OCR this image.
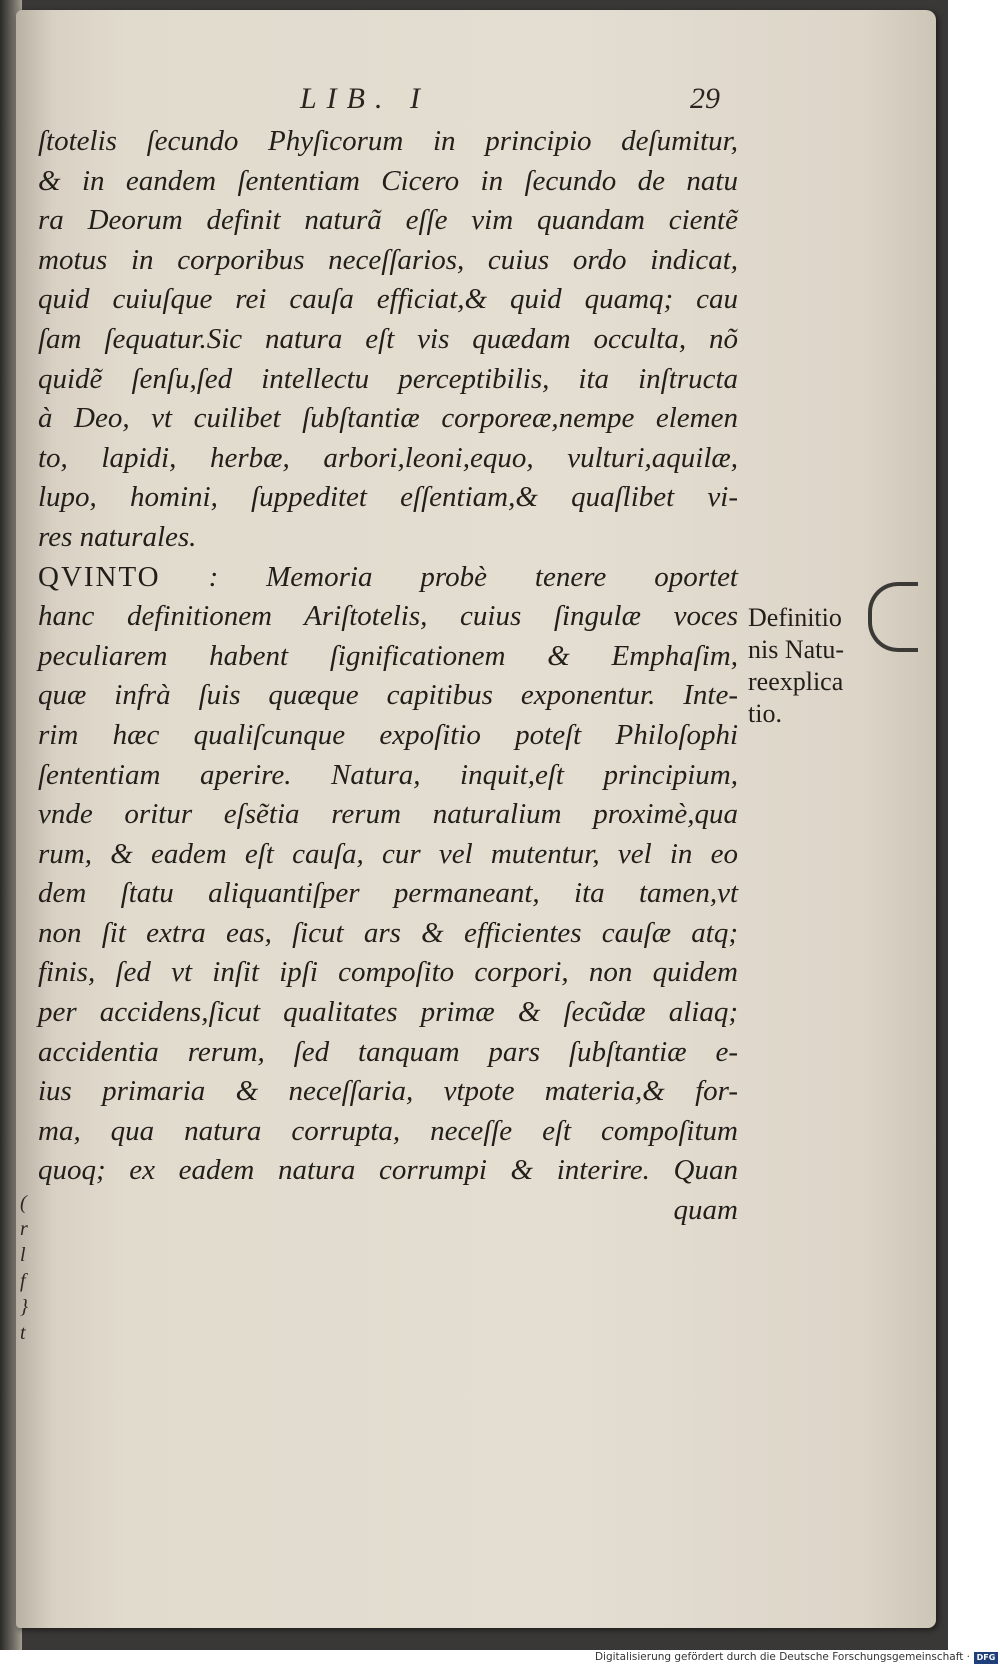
(
r
l
f
}
t
LIB. I	29
ſtotelis ſecundo Phyſicorum in principio deſumitur,
& in eandem ſententiam Cicero in ſecundo de natu
ra Deorum definit naturã eſſe vim quandam cientẽ
motus in corporibus neceſſarios, cuius ordo indicat,
quid cuiuſque rei cauſa efficiat,& quid quamq; cau
ſam ſequatur.Sic natura eſt vis quædam occulta, nõ
quidẽ ſenſu,ſed intellectu perceptibilis, ita inſtructa
à Deo, vt cuilibet ſubſtantiæ corporeæ,nempe elemen
to, lapidi, herbæ, arbori,leoni,equo, vulturi,aquilæ,
lupo, homini, ſuppeditet eſſentiam,& quaſlibet vi-
res naturales.
QVINTO : Memoria probè tenere oportet
hanc definitionem Ariſtotelis, cuius ſingulæ voces
peculiarem habent ſignificationem & Emphaſim,
quæ infrà ſuis quæque capitibus exponentur. Inte-
rim hæc qualiſcunque expoſitio poteſt Philoſophi
ſententiam aperire. Natura, inquit,eſt principium,
vnde oritur eſsẽtia rerum naturalium proximè,qua
rum, & eadem eſt cauſa, cur vel mutentur, vel in eo
dem ſtatu aliquantiſper permaneant, ita tamen,vt
non ſit extra eas, ſicut ars & efficientes cauſæ atq;
finis, ſed vt inſit ipſi compoſito corpori, non quidem
per accidens,ſicut qualitates primæ & ſecũdæ aliaq;
accidentia rerum, ſed tanquam pars ſubſtantiæ e-
ius primaria & neceſſaria, vtpote materia,& for-
ma, qua natura corrupta, neceſſe eſt compoſitum
quoq; ex eadem natura corrumpi & interire. Quan
quam
Definitio
nis Natu-
reexplica
tio.
Digitalisierung gefördert durch die Deutsche Forschungsgemeinschaft · DFG
